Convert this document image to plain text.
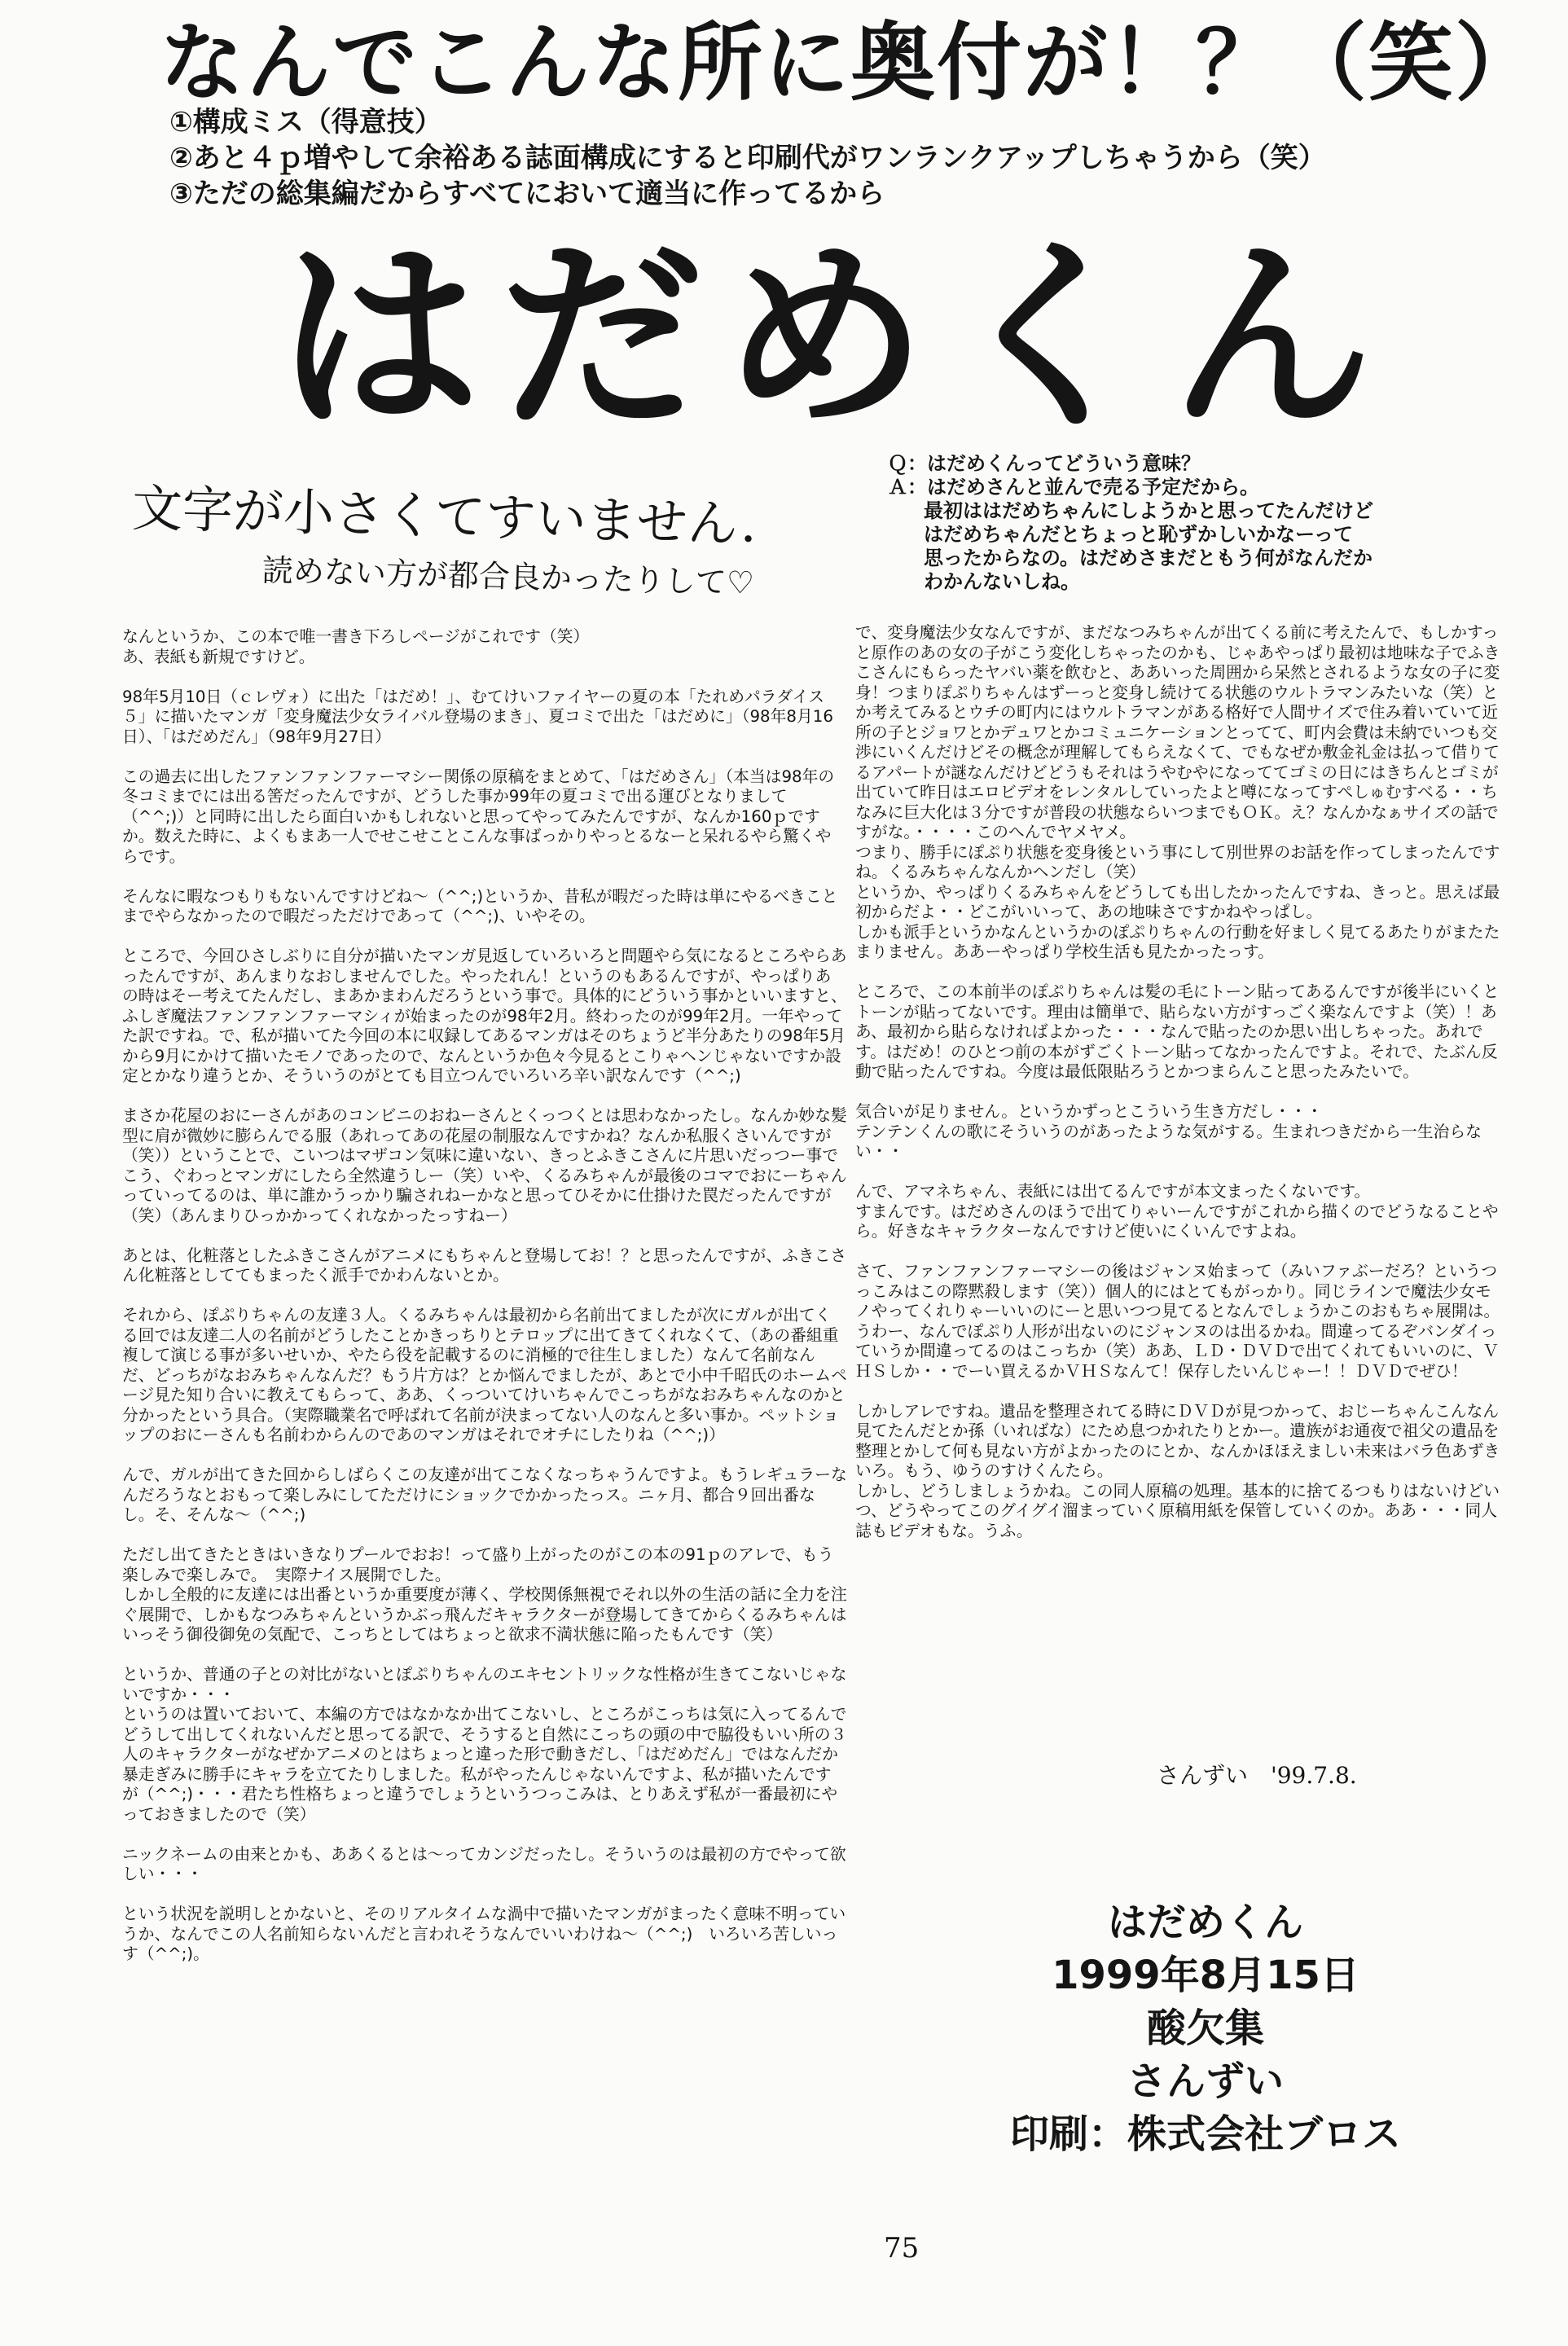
なんでこんな所に奥付が！？（笑）
①構成ミス（得意技）
②あと４ｐ増やして余裕ある誌面構成にすると印刷代がワンランクアップしちゃうから（笑）
③ただの総集編だからすべてにおいて適当に作ってるから
はだめくん
文字が小さくてすいません．
読めない方が都合良かったりして♡
Ｑ：はだめくんってどういう意味？
Ａ：はだめさんと並んで売る予定だから。
最初ははだめちゃんにしようかと思ってたんだけど
はだめちゃんだとちょっと恥ずかしいかなーって
思ったからなの。はだめさまだともう何がなんだか
わかんないしね。

なんというか、この本で唯一書き下ろしページがこれです（笑）
あ、表紙も新規ですけど。

98年5月10日（ｃレヴォ）に出た「はだめ！」、むてけいファイヤーの夏の本「たれめパラダイス５」に描いたマンガ「変身魔法少女ライバル登場のまき」、夏コミで出た「はだめに」（98年8月16日）、「はだめだん」（98年9月27日）

この過去に出したファンファンファーマシー関係の原稿をまとめて、「はだめさん」（本当は98年の冬コミまでには出る筈だったんですが、どうした事か99年の夏コミで出る運びとなりまして（^^;)）と同時に出したら面白いかもしれないと思ってやってみたんですが、なんか160ｐですか。数えた時に、よくもまあ一人でせこせことこんな事ばっかりやっとるなーと呆れるやら驚くやらです。

そんなに暇なつもりもないんですけどね～（^^;)というか、昔私が暇だった時は単にやるべきことまでやらなかったので暇だっただけであって（^^;)、いやその。

ところで、今回ひさしぶりに自分が描いたマンガ見返していろいろと問題やら気になるところやらあったんですが、あんまりなおしませんでした。やったれん！というのもあるんですが、やっぱりあの時はそー考えてたんだし、まあかまわんだろうという事で。具体的にどういう事かといいますと、ふしぎ魔法ファンファンファーマシィが始まったのが98年2月。終わったのが99年2月。一年やってた訳ですね。で、私が描いてた今回の本に収録してあるマンガはそのちょうど半分あたりの98年5月から9月にかけて描いたモノであったので、なんというか色々今見るとこりゃヘンじゃないですか設定とかなり違うとか、そういうのがとても目立つんでいろいろ辛い訳なんです（^^;)

まさか花屋のおにーさんがあのコンビニのおねーさんとくっつくとは思わなかったし。なんか妙な髪型に肩が微妙に膨らんでる服（あれってあの花屋の制服なんですかね？なんか私服くさいんですが（笑））ということで、こいつはマザコン気味に違いない、きっとふきこさんに片思いだっつー事でこう、ぐわっとマンガにしたら全然違うしー（笑）いや、くるみちゃんが最後のコマでおにーちゃんっていってるのは、単に誰かうっかり騙されねーかなと思ってひそかに仕掛けた罠だったんですが（笑）（あんまりひっかかってくれなかったっすねー）

あとは、化粧落としたふきこさんがアニメにもちゃんと登場してお！？と思ったんですが、ふきこさん化粧落としててもまったく派手でかわんないとか。

それから、ぽぷりちゃんの友達３人。くるみちゃんは最初から名前出てましたが次にガルが出てくる回では友達二人の名前がどうしたことかきっちりとテロップに出てきてくれなくて、（あの番組重複して演じる事が多いせいか、やたら役を記載するのに消極的で往生しました）なんて名前なんだ、どっちがなおみちゃんなんだ？もう片方は？とか悩んでましたが、あとで小中千昭氏のホームページ見た知り合いに教えてもらって、ああ、くっついてけいちゃんでこっちがなおみちゃんなのかと分かったという具合。（実際職業名で呼ばれて名前が決まってない人のなんと多い事か。ペットショップのおにーさんも名前わからんのであのマンガはそれでオチにしたりね（^^;)）

んで、ガルが出てきた回からしばらくこの友達が出てこなくなっちゃうんですよ。もうレギュラーなんだろうなとおもって楽しみにしてただけにショックでかかったっス。ニヶ月、都合９回出番なし。そ、そんな～（^^;)

ただし出てきたときはいきなりプールでおお！って盛り上がったのがこの本の91ｐのアレで、もう楽しみで楽しみで。　実際ナイス展開でした。
しかし全般的に友達には出番というか重要度が薄く、学校関係無視でそれ以外の生活の話に全力を注ぐ展開で、しかもなつみちゃんというかぶっ飛んだキャラクターが登場してきてからくるみちゃんはいっそう御役御免の気配で、こっちとしてはちょっと欲求不満状態に陥ったもんです（笑）

というか、普通の子との対比がないとぽぷりちゃんのエキセントリックな性格が生きてこないじゃないですか・・・
というのは置いておいて、本編の方ではなかなか出てこないし、ところがこっちは気に入ってるんでどうして出してくれないんだと思ってる訳で、そうすると自然にこっちの頭の中で脇役もいい所の３人のキャラクターがなぜかアニメのとはちょっと違った形で動きだし、「はだめだん」ではなんだか暴走ぎみに勝手にキャラを立てたりしました。私がやったんじゃないんですよ、私が描いたんですが（^^;)・・・君たち性格ちょっと違うでしょうというつっこみは、とりあえず私が一番最初にやっておきましたので（笑）

ニックネームの由来とかも、ああくるとは～ってカンジだったし。そういうのは最初の方でやって欲しい・・・

という状況を説明しとかないと、そのリアルタイムな渦中で描いたマンガがまったく意味不明っていうか、なんでこの人名前知らないんだと言われそうなんでいいわけね～（^^;)　いろいろ苦しいっす（^^;)。

で、変身魔法少女なんですが、まだなつみちゃんが出てくる前に考えたんで、もしかすっと原作のあの女の子がこう変化しちゃったのかも、じゃあやっぱり最初は地味な子でふきこさんにもらったヤバい薬を飲むと、ああいった周囲から呆然とされるような女の子に変身！つまりぽぷりちゃんはずーっと変身し続けてる状態のウルトラマンみたいな（笑）とか考えてみるとウチの町内にはウルトラマンがある格好で人間サイズで住み着いていて近所の子とジョワとかデュワとかコミュニケーションとってて、町内会費は未納でいつも交渉にいくんだけどその概念が理解してもらえなくて、でもなぜか敷金礼金は払って借りてるアパートが謎なんだけどどうもそれはうやむやになっててゴミの日にはきちんとゴミが出ていて昨日はエロビデオをレンタルしていったよと噂になってすぺしゅむすべる・・ちなみに巨大化は３分ですが普段の状態ならいつまでもＯＫ。え？なんかなぁサイズの話ですがな。・・・・このへんでヤメヤメ。
つまり、勝手にぽぷり状態を変身後という事にして別世界のお話を作ってしまったんですね。くるみちゃんなんかヘンだし（笑）
というか、やっぱりくるみちゃんをどうしても出したかったんですね、きっと。思えば最初からだよ・・どこがいいって、あの地味さですかねやっぱし。
しかも派手というかなんというかのぽぷりちゃんの行動を好ましく見てるあたりがまたたまりません。ああーやっぱり学校生活も見たかったっす。

ところで、この本前半のぽぷりちゃんは髪の毛にトーン貼ってあるんですが後半にいくとトーンが貼ってないです。理由は簡単で、貼らない方がすっごく楽なんですよ（笑）！ああ、最初から貼らなければよかった・・・なんで貼ったのか思い出しちゃった。あれです。はだめ！のひとつ前の本がずごくトーン貼ってなかったんですよ。それで、たぶん反動で貼ったんですね。今度は最低限貼ろうとかつまらんこと思ったみたいで。

気合いが足りません。というかずっとこういう生き方だし・・・
テンテンくんの歌にそういうのがあったような気がする。生まれつきだから一生治らない・・

んで、アマネちゃん、表紙には出てるんですが本文まったくないです。
すまんです。はだめさんのほうで出てりゃいーんですがこれから描くのでどうなることやら。好きなキャラクターなんですけど使いにくいんですよね。

さて、ファンファンファーマシーの後はジャンヌ始まって（みいファぶーだろ？というつっこみはこの際黙殺します（笑））個人的にはとてもがっかり。同じラインで魔法少女モノやってくれりゃーいいのにーと思いつつ見てるとなんでしょうかこのおもちゃ展開は。うわー、なんでぽぷり人形が出ないのにジャンヌのは出るかね。間違ってるぞバンダイっていうか間違ってるのはこっちか（笑）ああ、ＬＤ・ＤＶＤで出てくれてもいいのに、ＶＨＳしか・・でーい買えるかＶＨＳなんて！保存したいんじゃー！！ＤＶＤでぜひ！

しかしアレですね。遺品を整理されてる時にＤＶＤが見つかって、おじーちゃんこんなん見てたんだとか孫（いればな）にため息つかれたりとかー。遺族がお通夜で祖父の遺品を整理とかして何も見ない方がよかったのにとか、なんかほほえましい未来はバラ色あずきいろ。もう、ゆうのすけくんたら。
しかし、どうしましょうかね。この同人原稿の処理。基本的に捨てるつもりはないけどいつ、どうやってこのグイグイ溜まっていく原稿用紙を保管していくのか。ああ・・・同人誌もビデオもな。うふ。

さんずい　'99.7.8.
はだめくん
1999年8月15日
酸欠集
さんずい
印刷：株式会社ブロス
75
